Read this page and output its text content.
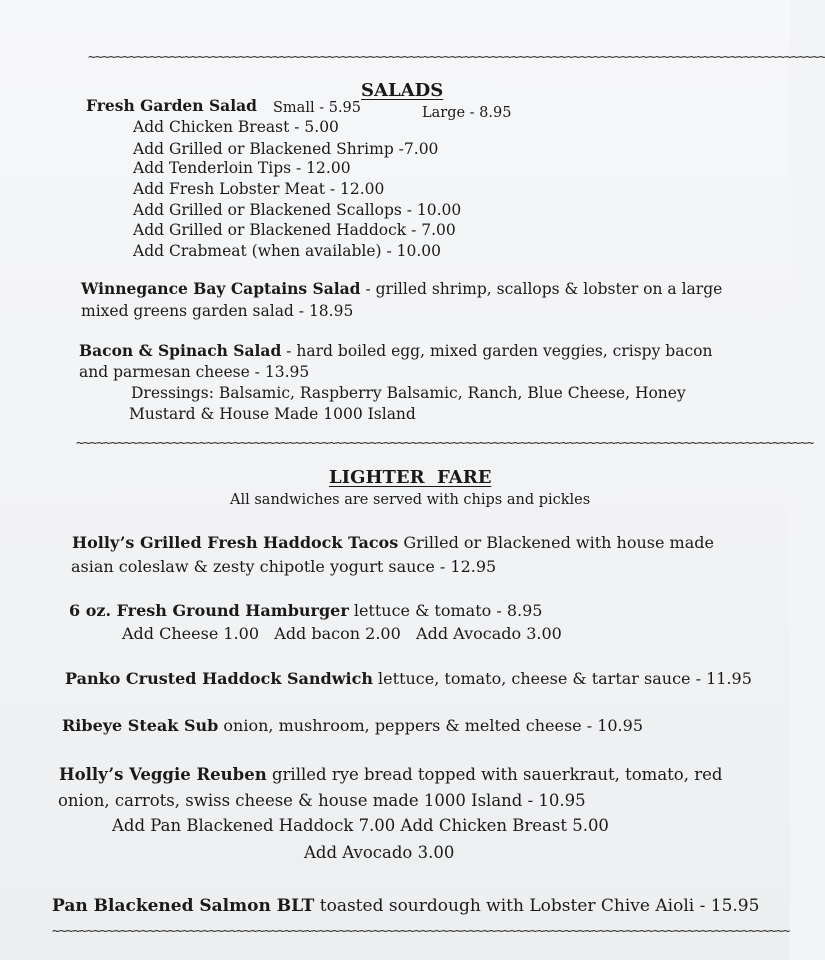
~~~~~~~~~~~~~~~~~~~~~~~~~~~~~~~~~~~~~~~~~~~~~~~~~~~~~~~~~~~~~~~~~~~~~~~~~~~~~~~~~~~~~~~~~~~~~~~~~~~~~~~~~~~~
SALADS
Fresh Garden Salad Small - 5.95	Large - 8.95
Add Chicken Breast - 5.00
Add Grilled or Blackened Shrimp -7.00
Add Tenderloin Tips - 12.00
Add Fresh Lobster Meat - 12.00
Add Grilled or Blackened Scallops - 10.00
Add Grilled or Blackened Haddock - 7.00
Add Crabmeat (when available) - 10.00
Winnegance Bay Captains Salad - grilled shrimp, scallops & lobster on a large
mixed greens garden salad - 18.95
Bacon & Spinach Salad - hard boiled egg, mixed garden veggies, crispy bacon
and parmesan cheese - 13.95
Dressings: Balsamic, Raspberry Balsamic, Ranch, Blue Cheese, Honey
Mustard & House Made 1000 Island
~~~~~~~~~~~~~~~~~~~~~~~~~~~~~~~~~~~~~~~~~~~~~~~~~~~~~~~~~~~~~~~~~~~~~~~~~~~~~~~~~~~~~~~~~~~~~~~~~~~~~~~~~~~~
LIGHTER  FARE
All sandwiches are served with chips and pickles
Holly’s Grilled Fresh Haddock Tacos Grilled or Blackened with house made
asian coleslaw & zesty chipotle yogurt sauce - 12.95
6 oz. Fresh Ground Hamburger lettuce & tomato - 8.95
Add Cheese 1.00   Add bacon 2.00   Add Avocado 3.00
Panko Crusted Haddock Sandwich lettuce, tomato, cheese & tartar sauce - 11.95
Ribeye Steak Sub onion, mushroom, peppers & melted cheese - 10.95
Holly’s Veggie Reuben grilled rye bread topped with sauerkraut, tomato, red
onion, carrots, swiss cheese & house made 1000 Island - 10.95
Add Pan Blackened Haddock 7.00 Add Chicken Breast 5.00
Add Avocado 3.00
Pan Blackened Salmon BLT toasted sourdough with Lobster Chive Aioli - 15.95
~~~~~~~~~~~~~~~~~~~~~~~~~~~~~~~~~~~~~~~~~~~~~~~~~~~~~~~~~~~~~~~~~~~~~~~~~~~~~~~~~~~~~~~~~~~~~~~~~~~~~~~~~~~~
